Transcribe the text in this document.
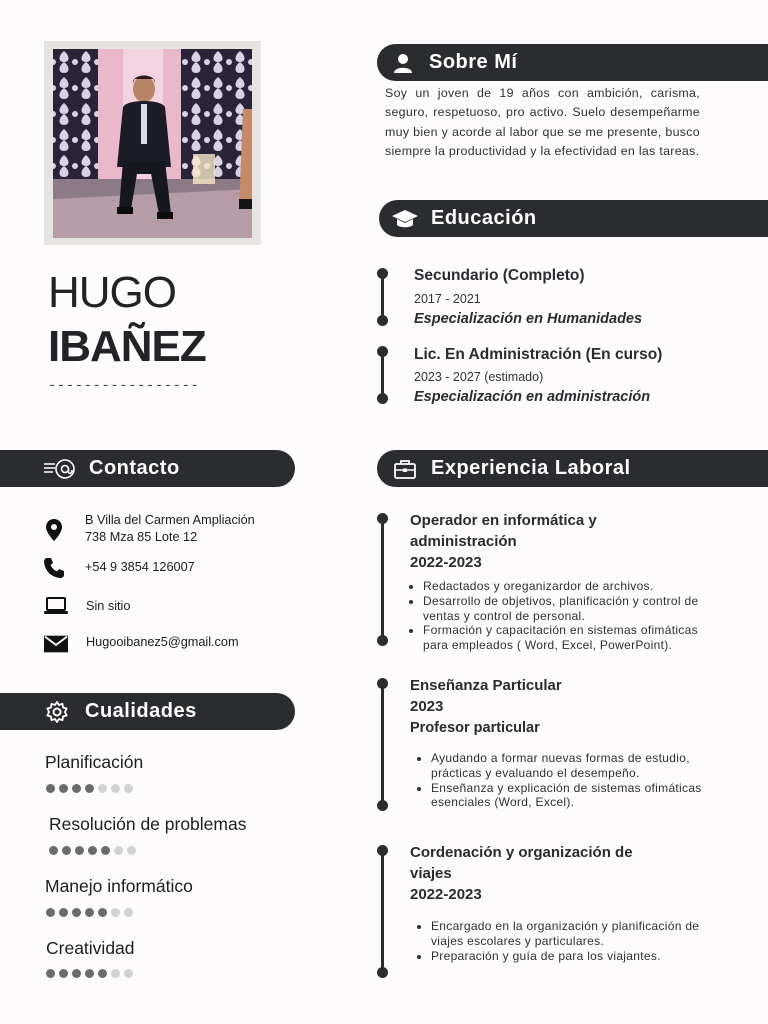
HUGO
IBAÑEZ
-----------------
Sobre Mí
Soy un joven de 19 años con ambición, carisma, seguro, respetuoso, pro activo. Suelo desempeñarme muy bien y acorde al labor que se me presente, busco siempre la productividad y la efectividad en las tareas.
Educación
Secundario (Completo)
2017 - 2021
Especialización en Humanidades
Lic. En Administración (En curso)
2023 - 2027 (estimado)
Especialización en administración
Contacto
B Villa del Carmen Ampliación
738 Mza 85 Lote 12
+54 9 3854 126007
Sin sitio
Hugooibanez5@gmail.com
Cualidades
Planificación
Resolución de problemas
Manejo informático
Creatividad
Experiencia Laboral
Operador en informática y
administración
2022-2023
• Redactados y oreganizardor de archivos.
• Desarrollo de objetivos, planificación y control de ventas y control de personal.
• Formación y capacitación en sistemas ofimáticas para empleados ( Word, Excel, PowerPoint).
Enseñanza Particular
2023
Profesor particular
• Ayudando a formar nuevas formas de estudio, prácticas y evaluando el desempeño.
• Enseñanza y explicación de sistemas ofimáticas esenciales (Word, Excel).
Cordenación y organización de
viajes
2022-2023
• Encargado en la organización y planificación de viajes escolares y particulares.
• Preparación y guía de para los viajantes.
